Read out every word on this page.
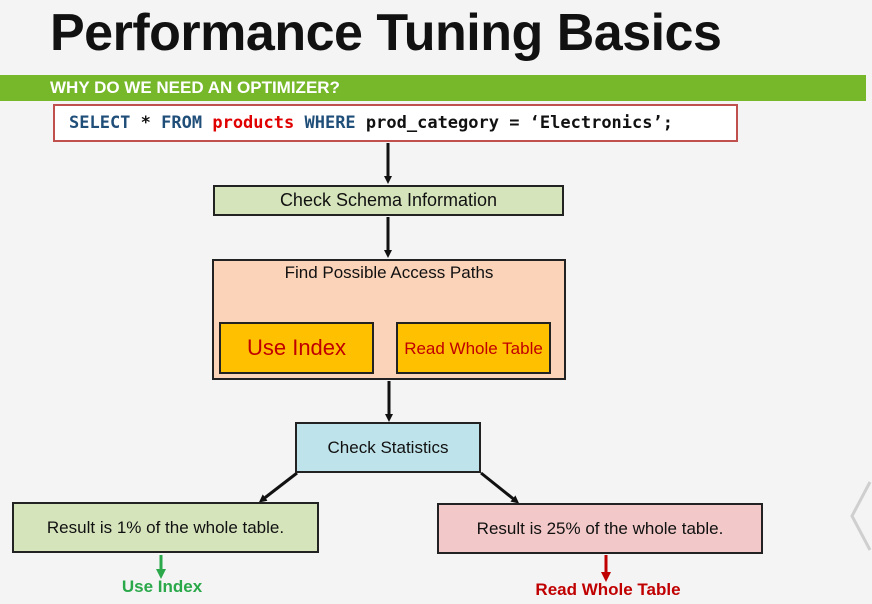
Performance Tuning Basics
WHY DO WE NEED AN OPTIMIZER?
SELECT * FROM products WHERE prod_category = ‘Electronics’;
Check Schema Information
Find Possible Access Paths
Use Index	Read Whole Table
Check Statistics
Result is 1% of the whole table.	Result is 25% of the whole table.
Use Index	Read Whole Table
